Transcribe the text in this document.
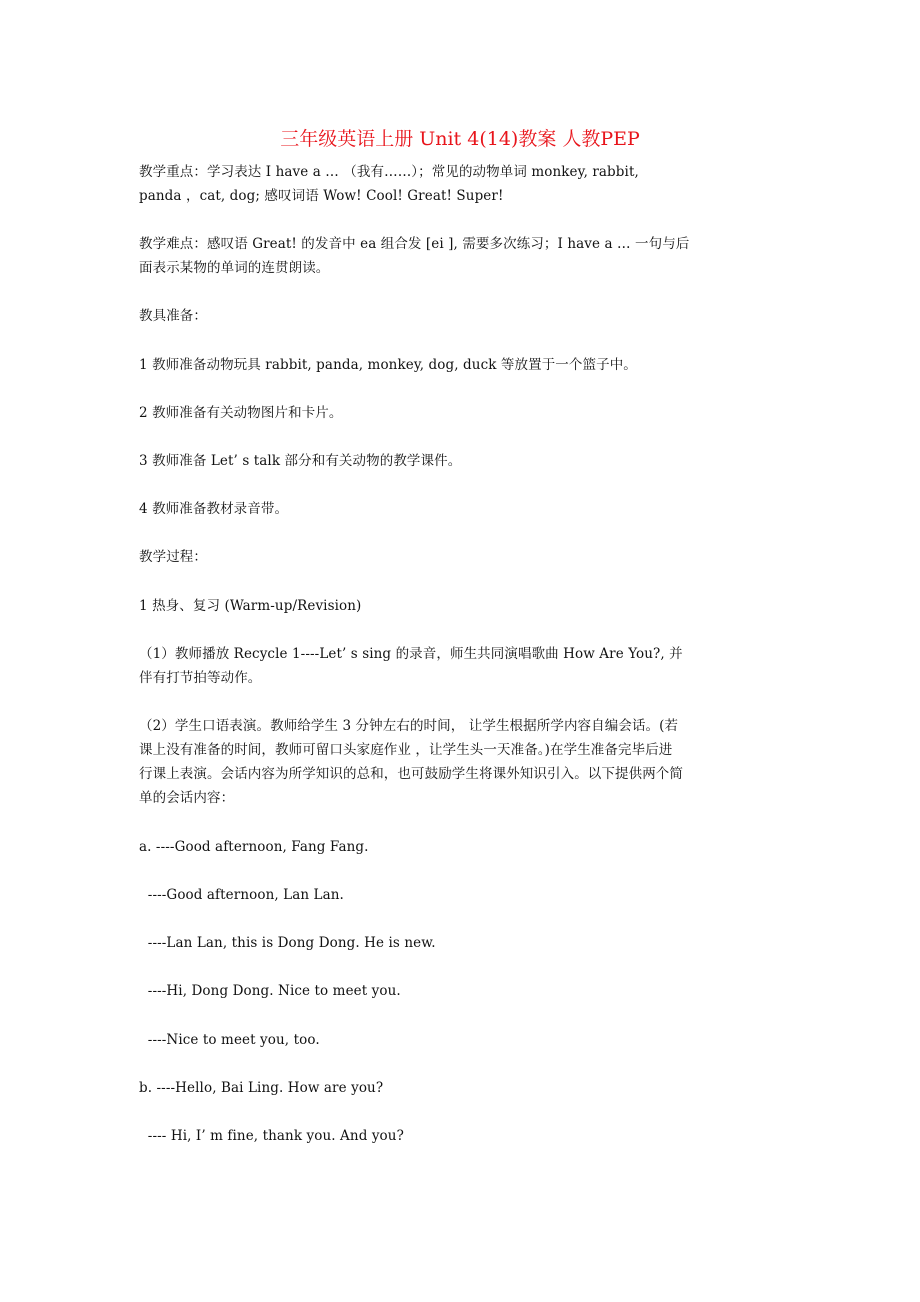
三年级英语上册 Unit 4(14)教案 人教PEP
教学重点：学习表达 I have a … （我有……）；常见的动物单词 monkey, rabbit,
panda ，cat, dog; 感叹词语 Wow! Cool! Great! Super!
教学难点：感叹语 Great! 的发音中 ea 组合发 [ei ], 需要多次练习；I have a … 一句与后
面表示某物的单词的连贯朗读。
教具准备：
1 教师准备动物玩具 rabbit, panda, monkey, dog, duck 等放置于一个篮子中。
2 教师准备有关动物图片和卡片。
3 教师准备 Let’ s talk 部分和有关动物的教学课件。
4 教师准备教材录音带。
教学过程：
1 热身、复习 (Warm-up/Revision)
（1）教师播放 Recycle 1----Let’ s sing 的录音，师生共同演唱歌曲 How Are You?, 并
伴有打节拍等动作。
（2）学生口语表演。教师给学生 3 分钟左右的时间， 让学生根据所学内容自编会话。(若
课上没有准备的时间，教师可留口头家庭作业 ，让学生头一天准备。)在学生准备完毕后进
行课上表演。会话内容为所学知识的总和，也可鼓励学生将课外知识引入。以下提供两个简
单的会话内容：
a. ----Good afternoon, Fang Fang.
----Good afternoon, Lan Lan.
----Lan Lan, this is Dong Dong. He is new.
----Hi, Dong Dong. Nice to meet you.
----Nice to meet you, too.
b. ----Hello, Bai Ling. How are you?
---- Hi, I’ m fine, thank you. And you?
